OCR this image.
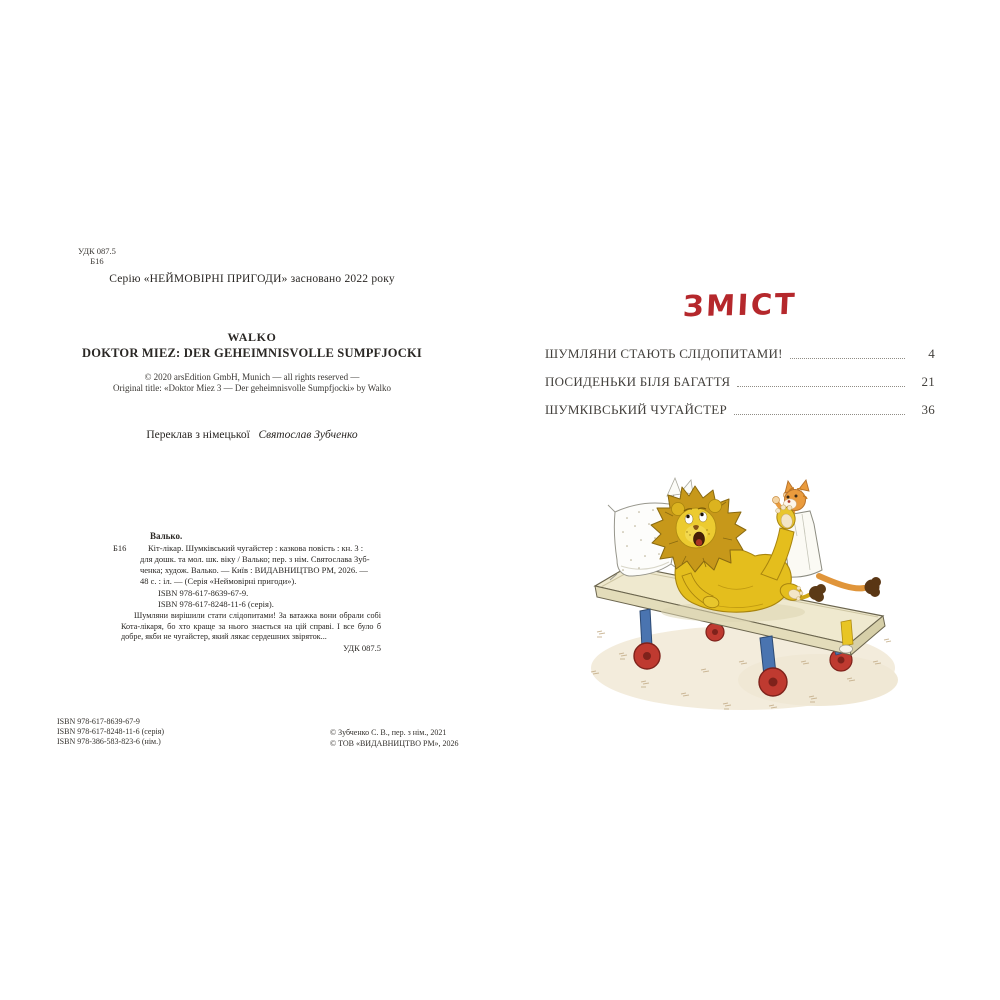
УДК 087.5
Б16
Серію «НЕЙМОВІРНІ ПРИГОДИ» засновано 2022 року
WALKO
DOKTOR MIEZ: DER GEHEIMNISVOLLE SUMPFJOCKI
© 2020 arsEdition GmbH, Munich — all rights reserved —
Original title: «Doktor Miez 3 — Der geheimnisvolle Sumpfjocki» by Walko
Переклав з німецької Святослав Зубченко
Валько.
Б16	Кіт-лікар. Шумківський чугайстер : казкова повість : кн. 3 :
для дошк. та мол. шк. віку / Валько; пер. з нім. Святослава Зуб-
ченка; худож. Валько. — Київ : ВИДАВНИЦТВО РМ, 2026. —
48 с. : іл. — (Серія «Неймовірні пригоди»).
ISBN 978-617-8639-67-9.
ISBN 978-617-8248-11-6 (серія).
Шумляни вирішили стати слідопитами! За ватажка вони обрали собі Кота-лікаря, бо хто краще за нього знається на цій справі. І все було б добре, якби не чугайстер, який лякає сердешних звіряток...
УДК 087.5
ISBN 978-617-8639-67-9
ISBN 978-617-8248-11-6 (серія)
ISBN 978-386-583-823-6 (нім.)
© Зубченко С. В., пер. з нім., 2021
© ТОВ «ВИДАВНИЦТВО РМ», 2026
ЗМІСТ
ШУМЛЯНИ СТАЮТЬ СЛІДОПИТАМИ!	4
ПОСИДЕНЬКИ БІЛЯ БАГАТТЯ	21
ШУМКІВСЬКИЙ ЧУГАЙСТЕР	36
